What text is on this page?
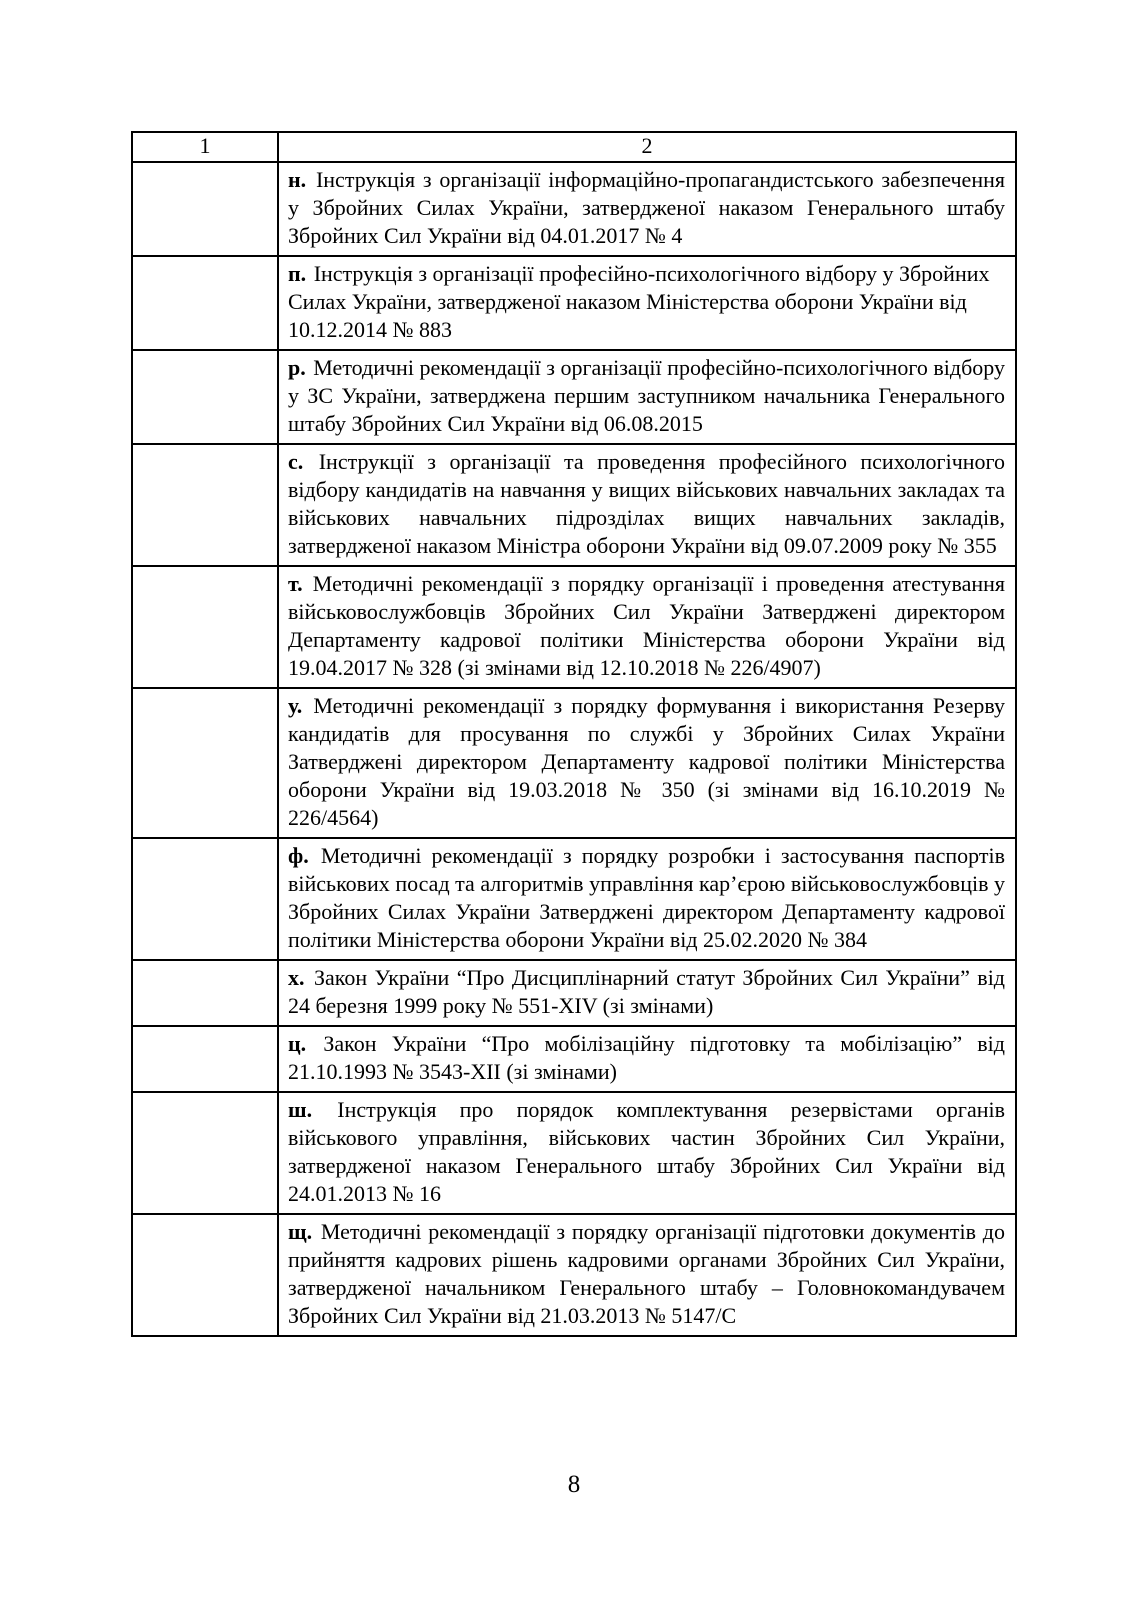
1	2

	н. Інструкція з організації інформаційно-пропагандистського забезпечення у Збройних Силах України, затвердженої наказом Генерального штабу Збройних Сил України від 04.01.2017 № 4

	п. Інструкція з організації професійно-психологічного відбору у Збройних Силах України, затвердженої наказом Міністерства оборони України від 10.12.2014 № 883

	р. Методичні рекомендації з організації професійно-психологічного відбору у ЗС України, затверджена першим заступником начальника Генерального штабу Збройних Сил України від 06.08.2015

	с. Інструкції з організації та проведення професійного психологічного відбору кандидатів на навчання у вищих військових навчальних закладах та військових навчальних підрозділах вищих навчальних закладів, затвердженої наказом Міністра оборони України від 09.07.2009 року № 355

	т. Методичні рекомендації з порядку організації і проведення атестування військовослужбовців Збройних Сил України Затверджені директором Департаменту кадрової політики Міністерства оборони України від 19.04.2017 № 328 (зі змінами від 12.10.2018 № 226/4907)

	у. Методичні рекомендації з порядку формування і використання Резерву кандидатів для просування по службі у Збройних Силах України Затверджені директором Департаменту кадрової політики Міністерства оборони України від 19.03.2018 № 350 (зі змінами від 16.10.2019 № 226/4564)

	ф. Методичні рекомендації з порядку розробки і застосування паспортів військових посад та алгоритмів управління кар’єрою військовослужбовців у Збройних Силах України Затверджені директором Департаменту кадрової політики Міністерства оборони України від 25.02.2020 № 384

	х. Закон України “Про Дисциплінарний статут Збройних Сил України” від 24 березня 1999 року № 551-XIV (зі змінами)

	ц. Закон України “Про мобілізаційну підготовку та мобілізацію” від 21.10.1993 № 3543-XII (зі змінами)

	ш. Інструкція про порядок комплектування резервістами органів військового управління, військових частин Збройних Сил України, затвердженої наказом Генерального штабу Збройних Сил України від 24.01.2013 № 16

	щ. Методичні рекомендації з порядку організації підготовки документів до прийняття кадрових рішень кадровими органами Збройних Сил України, затвердженої начальником Генерального штабу – Головнокомандувачем Збройних Сил України від 21.03.2013 № 5147/С

8
